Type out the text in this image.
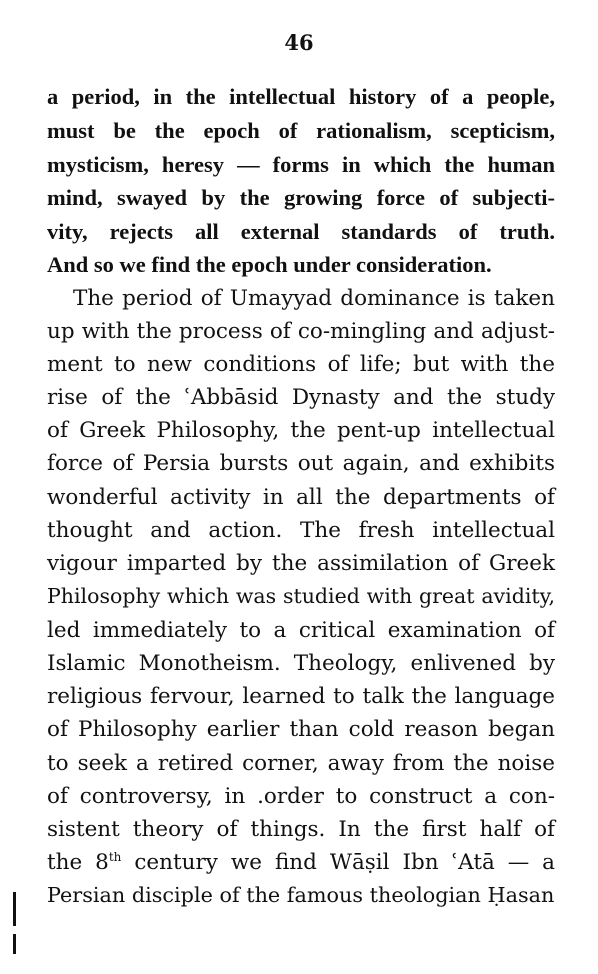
46
a period, in the intellectual history of a people,
must be the epoch of rationalism, scepticism,
mysticism, heresy — forms in which the human
mind, swayed by the growing force of subjecti-
vity, rejects all external standards of truth.
And so we find the epoch under consideration.
The period of Umayyad dominance is taken
up with the process of co-mingling and adjust-
ment to new conditions of life; but with the
rise of the ʿAbbāsid Dynasty and the study
of Greek Philosophy, the pent-up intellectual
force of Persia bursts out again, and exhibits
wonderful activity in all the departments of
thought and action. The fresh intellectual
vigour imparted by the assimilation of Greek
Philosophy which was studied with great avidity,
led immediately to a critical examination of
Islamic Monotheism. Theology, enlivened by
religious fervour, learned to talk the language
of Philosophy earlier than cold reason began
to seek a retired corner, away from the noise
of controversy, in .order to construct a con-
sistent theory of things. In the first half of
the 8th century we find Wāṣil Ibn ʿAtā — a
Persian disciple of the famous theologian Ḥasan
